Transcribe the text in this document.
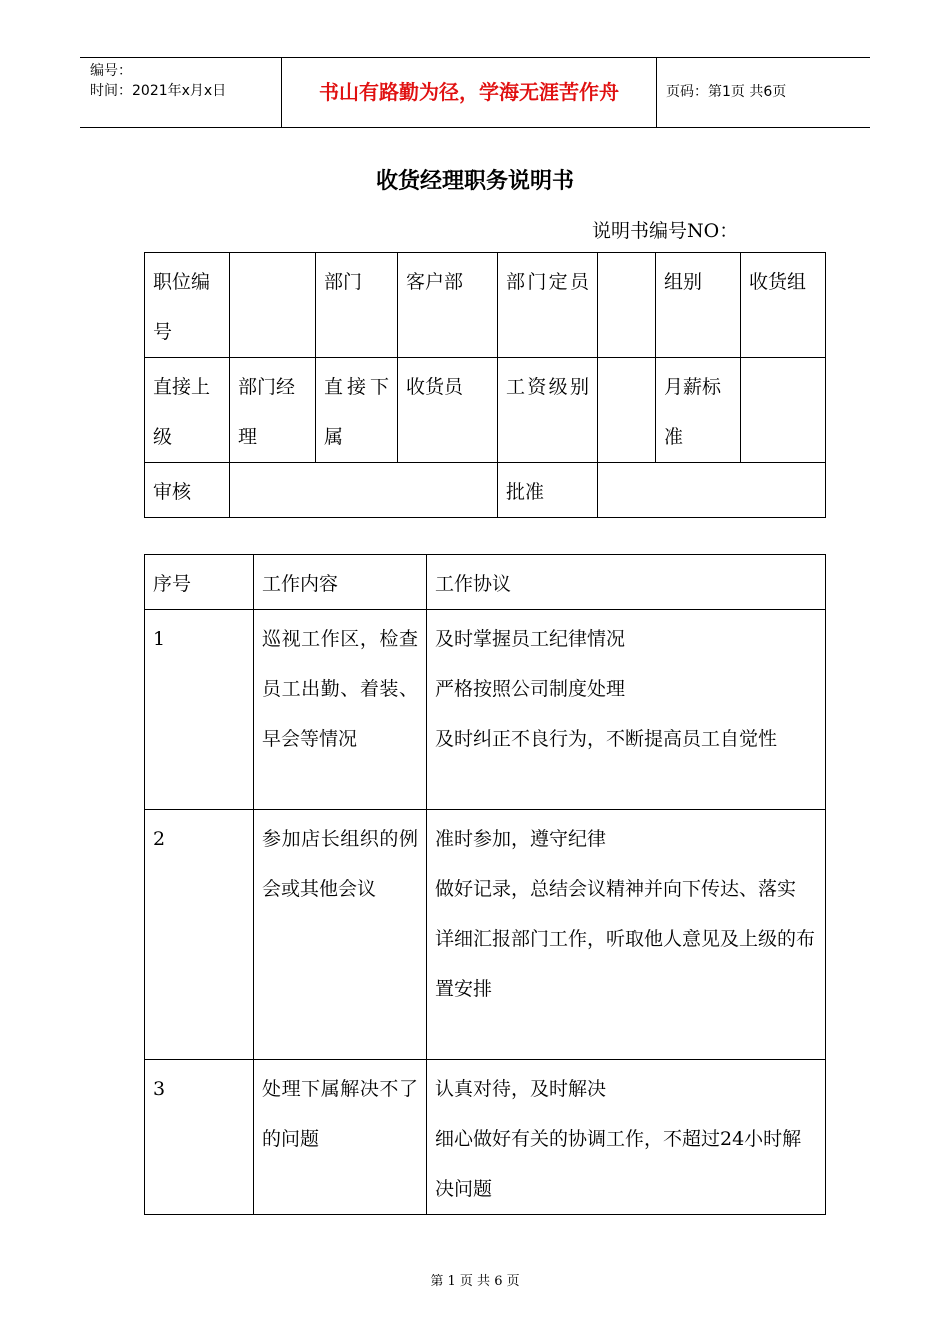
编号：
时间：2021年x月x日	书山有路勤为径，学海无涯苦作舟	页码：第1页 共6页
收货经理职务说明书
说明书编号NO：
职位编号		部门	客户部	部门定员		组别	收货组
直接上级	部门经理	直接下属	收货员	工资级别		月薪标准	
审核				批准			
序号	工作内容	工作协议
1	巡视工作区，检查员工出勤、着装、早会等情况	及时掌握员工纪律情况
严格按照公司制度处理
及时纠正不良行为，不断提高员工自觉性

2	参加店长组织的例会或其他会议	准时参加，遵守纪律
做好记录，总结会议精神并向下传达、落实
详细汇报部门工作，听取他人意见及上级的布置安排

3	处理下属解决不了的问题	认真对待，及时解决
细心做好有关的协调工作，不超过24小时解决问题
第 1 页 共 6 页
